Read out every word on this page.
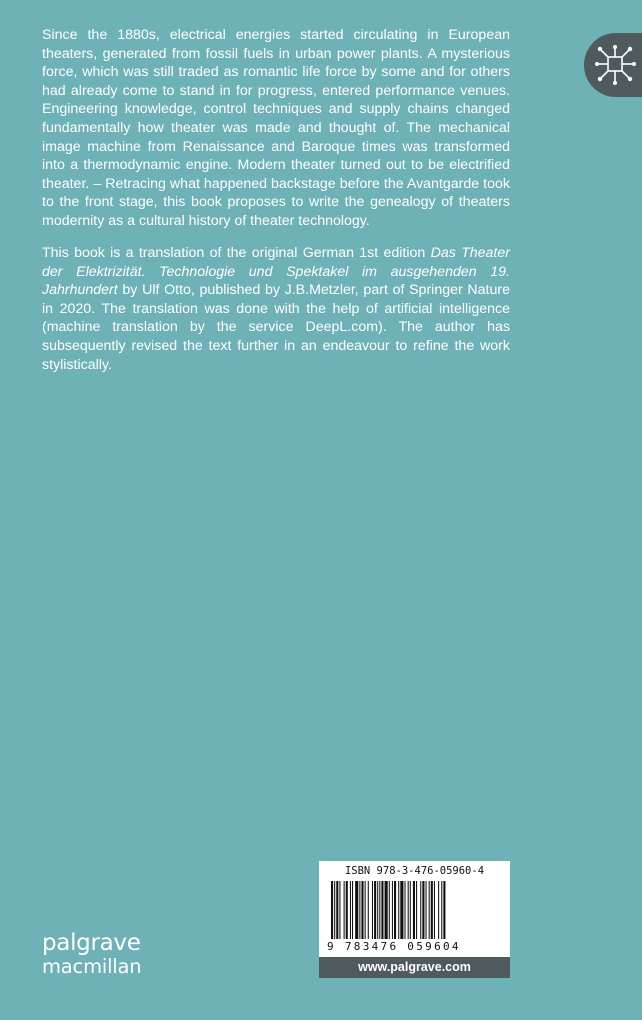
Since the 1880s, electrical energies started circulating in European theaters, generated from fossil fuels in urban power plants. A mysterious force, which was still traded as romantic life force by some and for others had already come to stand in for progress, entered performance venues. Engineering knowledge, control techniques and supply chains changed fundamentally how theater was made and thought of. The mechanical image machine from Renaissance and Baroque times was transformed into a thermodynamic engine. Modern theater turned out to be electrified theater. – Retracing what happened backstage before the Avantgarde took to the front stage, this book proposes to write the genealogy of theaters modernity as a cultural history of theater technology.

This book is a translation of the original German 1st edition Das Theater der Elektrizität. Technologie und Spektakel im ausgehenden 19. Jahrhundert by Ulf Otto, published by J.B.Metzler, part of Springer Nature in 2020. The translation was done with the help of artificial intelligence (machine translation by the service DeepL.com). The author has subsequently revised the text further in an endeavour to refine the work stylistically.

ISBN 978-3-476-05960-4
9 783476 059604
www.palgrave.com
palgrave
macmillan
